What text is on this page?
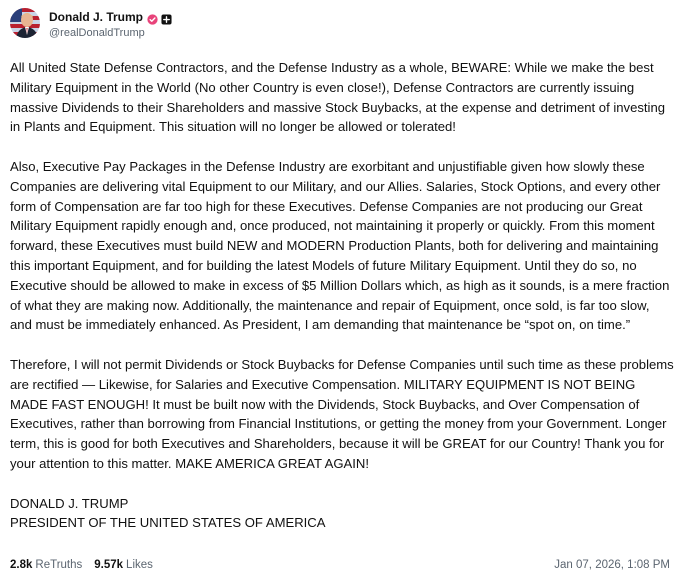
Donald J. Trump
@realDonaldTrump

All United State Defense Contractors, and the Defense Industry as a whole, BEWARE: While we make the best Military Equipment in the World (No other Country is even close!), Defense Contractors are currently issuing massive Dividends to their Shareholders and massive Stock Buybacks, at the expense and detriment of investing in Plants and Equipment. This situation will no longer be allowed or tolerated!

Also, Executive Pay Packages in the Defense Industry are exorbitant and unjustifiable given how slowly these Companies are delivering vital Equipment to our Military, and our Allies. Salaries, Stock Options, and every other form of Compensation are far too high for these Executives. Defense Companies are not producing our Great Military Equipment rapidly enough and, once produced, not maintaining it properly or quickly. From this moment forward, these Executives must build NEW and MODERN Production Plants, both for delivering and maintaining this important Equipment, and for building the latest Models of future Military Equipment. Until they do so, no Executive should be allowed to make in excess of $5 Million Dollars which, as high as it sounds, is a mere fraction of what they are making now. Additionally, the maintenance and repair of Equipment, once sold, is far too slow, and must be immediately enhanced. As President, I am demanding that maintenance be “spot on, on time.”

Therefore, I will not permit Dividends or Stock Buybacks for Defense Companies until such time as these problems are rectified — Likewise, for Salaries and Executive Compensation. MILITARY EQUIPMENT IS NOT BEING MADE FAST ENOUGH! It must be built now with the Dividends, Stock Buybacks, and Over Compensation of Executives, rather than borrowing from Financial Institutions, or getting the money from your Government. Longer term, this is good for both Executives and Shareholders, because it will be GREAT for our Country! Thank you for your attention to this matter. MAKE AMERICA GREAT AGAIN!

DONALD J. TRUMP

PRESIDENT OF THE UNITED STATES OF AMERICA

2.8k ReTruths 9.57k Likes	Jan 07, 2026, 1:08 PM
